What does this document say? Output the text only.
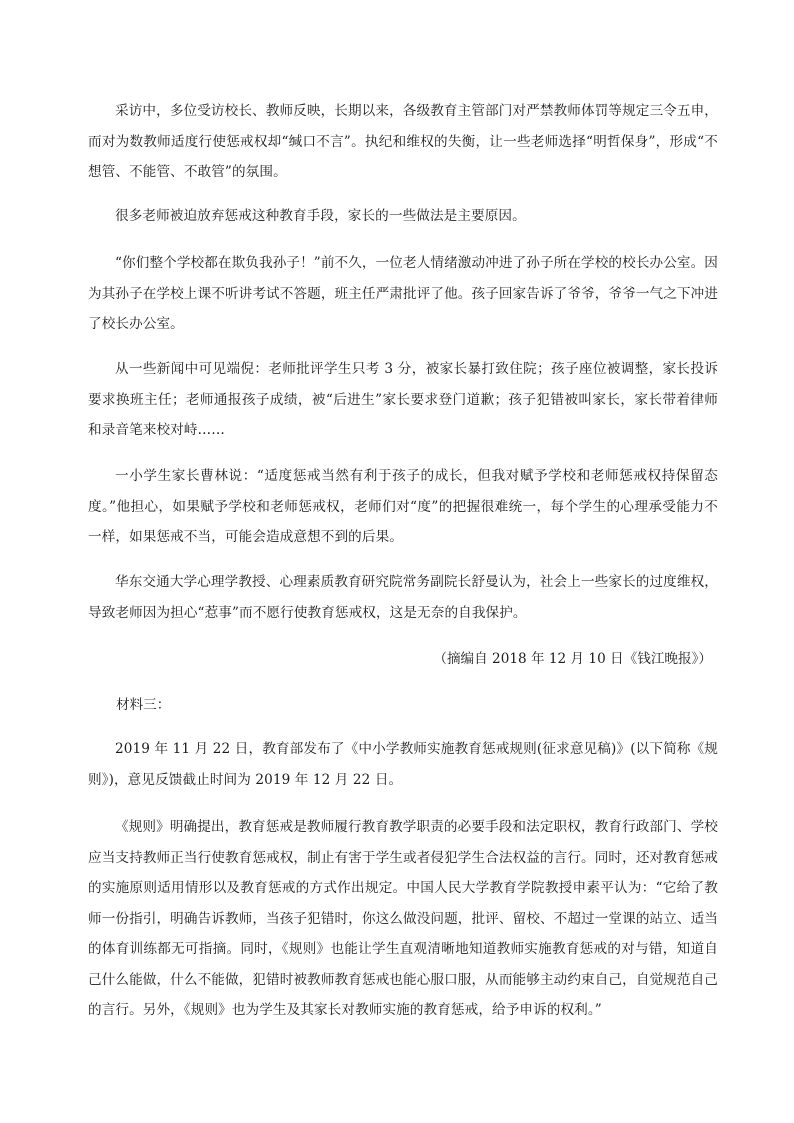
采访中，多位受访校长、教师反映，长期以来，各级教育主管部门对严禁教师体罚等规定三令五申，而对为数教师适度行使惩戒权却“缄口不言”。执纪和维权的失衡，让一些老师选择“明哲保身”，形成“不想管、不能管、不敢管”的氛围。

很多老师被迫放弃惩戒这种教育手段，家长的一些做法是主要原因。

“你们整个学校都在欺负我孙子！”前不久，一位老人情绪激动冲进了孙子所在学校的校长办公室。因为其孙子在学校上课不听讲考试不答题，班主任严肃批评了他。孩子回家告诉了爷爷，爷爷一气之下冲进了校长办公室。

从一些新闻中可见端倪：老师批评学生只考 3 分，被家长暴打致住院；孩子座位被调整，家长投诉要求换班主任；老师通报孩子成绩，被“后进生”家长要求登门道歉；孩子犯错被叫家长，家长带着律师和录音笔来校对峙……

一小学生家长曹林说：“适度惩戒当然有利于孩子的成长，但我对赋予学校和老师惩戒权持保留态度。”他担心，如果赋予学校和老师惩戒权，老师们对“度”的把握很难统一，每个学生的心理承受能力不一样，如果惩戒不当，可能会造成意想不到的后果。

华东交通大学心理学教授、心理素质教育研究院常务副院长舒曼认为，社会上一些家长的过度维权，导致老师因为担心“惹事”而不愿行使教育惩戒权，这是无奈的自我保护。

（摘编自 2018 年 12 月 10 日《钱江晚报》）

材料三：

2019 年 11 月 22 日，教育部发布了《中小学教师实施教育惩戒规则(征求意见稿)》(以下简称《规则》)，意见反馈截止时间为 2019 年 12 月 22 日。

《规则》明确提出，教育惩戒是教师履行教育教学职责的必要手段和法定职权，教育行政部门、学校应当支持教师正当行使教育惩戒权，制止有害于学生或者侵犯学生合法权益的言行。同时，还对教育惩戒的实施原则适用情形以及教育惩戒的方式作出规定。中国人民大学教育学院教授申素平认为：“它给了教师一份指引，明确告诉教师，当孩子犯错时，你这么做没问题，批评、留校、不超过一堂课的站立、适当的体育训练都无可指摘。同时，《规则》也能让学生直观清晰地知道教师实施教育惩戒的对与错，知道自己什么能做，什么不能做，犯错时被教师教育惩戒也能心服口服，从而能够主动约束自己，自觉规范自己的言行。另外，《规则》也为学生及其家长对教师实施的教育惩戒，给予申诉的权利。”
